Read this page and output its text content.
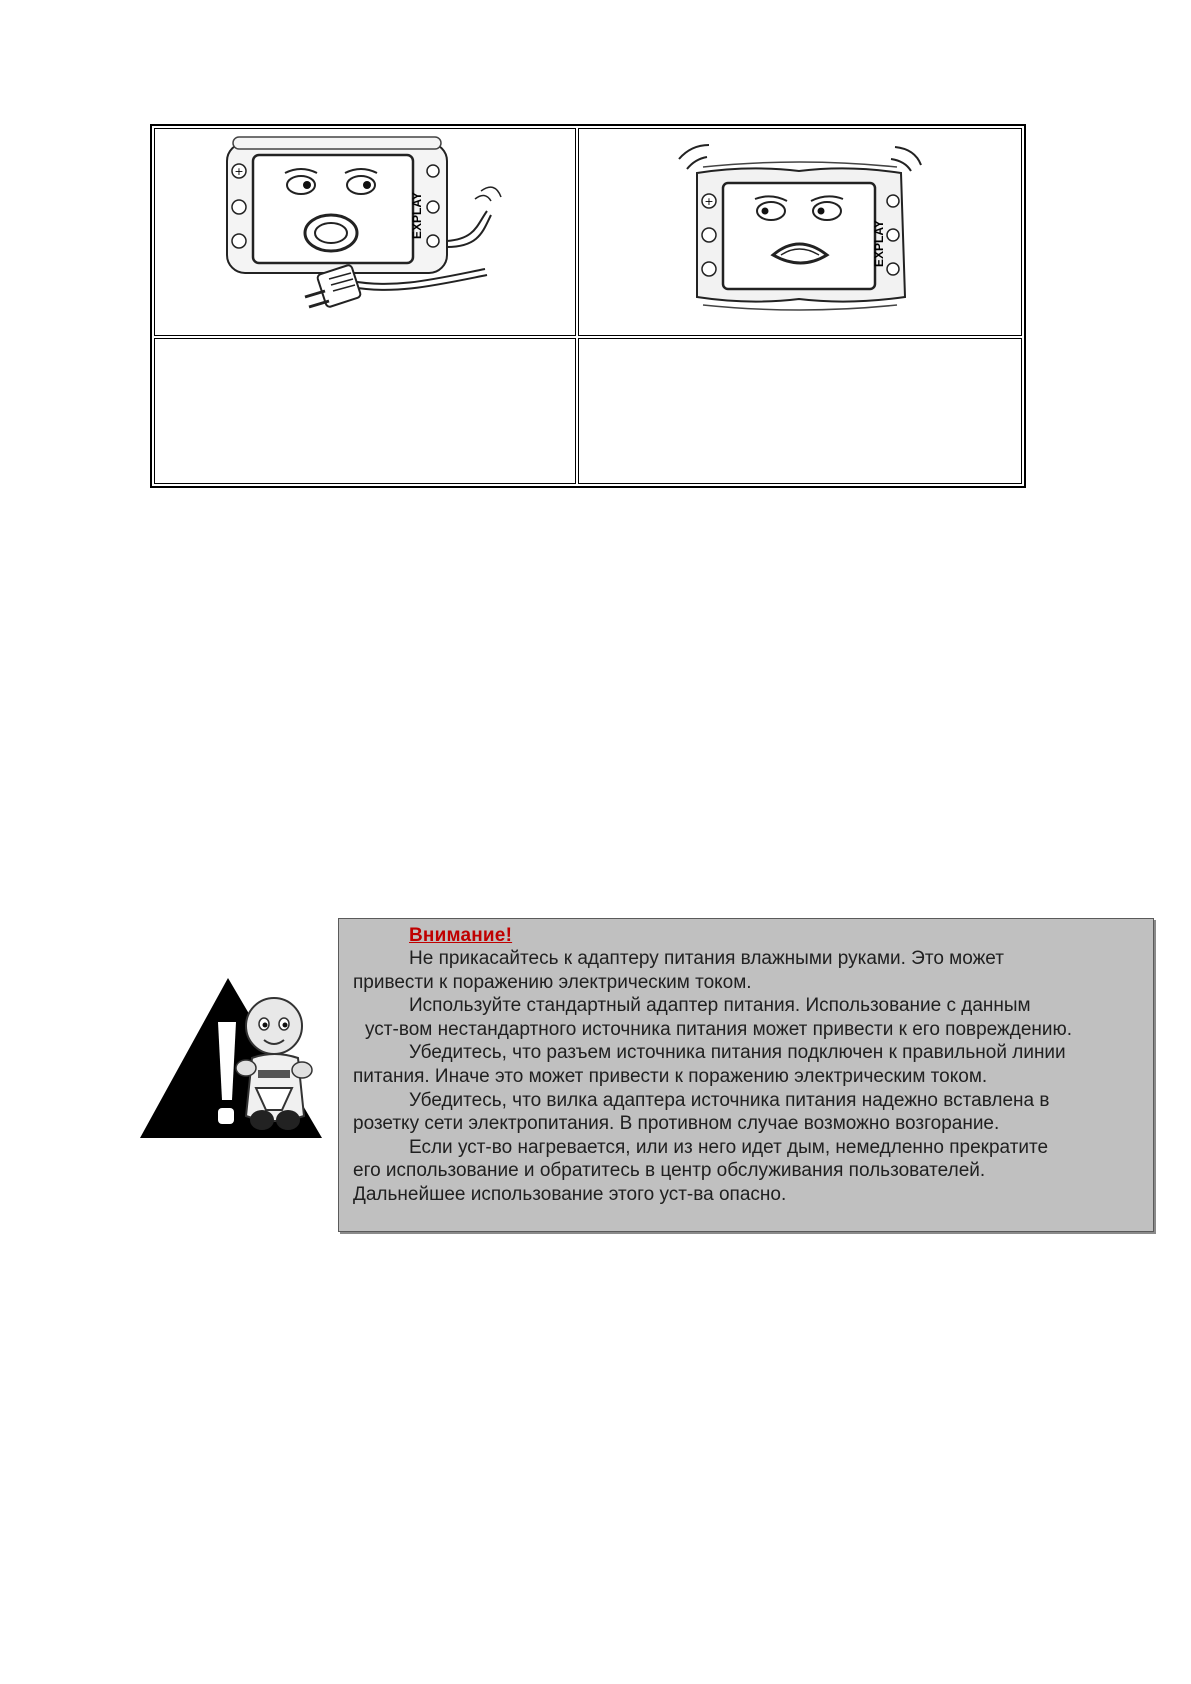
+
EXPLAY	+
EXPLAY
Внимание!

Не прикасайтесь к адаптеру питания влажными руками. Это может

привести к поражению электрическим током.

Используйте стандартный адаптер питания. Использование с данным

уст-вом нестандартного источника питания может привести к его повреждению.

Убедитесь, что разъем источника питания подключен к правильной линии

питания. Иначе это может привести к поражению электрическим током.

Убедитесь, что вилка адаптера источника питания надежно вставлена в

розетку сети электропитания. В противном случае возможно возгорание.

Если уст-во нагревается, или из него идет дым, немедленно прекратите

его использование и обратитесь в центр обслуживания пользователей.

Дальнейшее использование этого уст-ва опасно.
